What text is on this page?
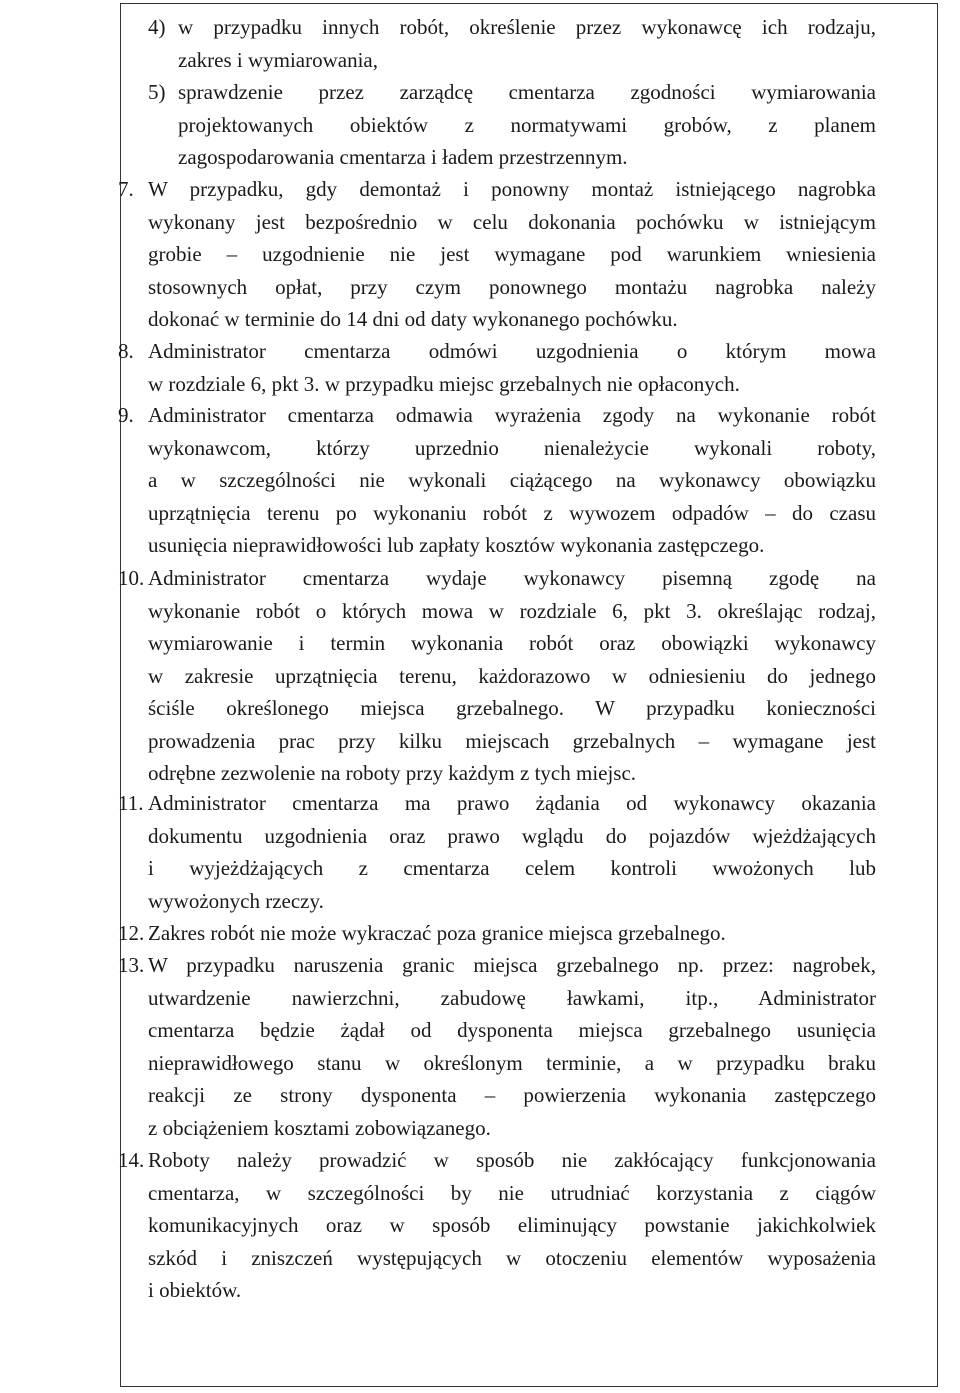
4) w przypadku innych robót, określenie przez wykonawcę ich rodzaju,
zakres i wymiarowania,
5) sprawdzenie przez zarządcę cmentarza zgodności wymiarowania
projektowanych obiektów z normatywami grobów, z planem
zagospodarowania cmentarza i ładem przestrzennym.
7. W przypadku, gdy demontaż i ponowny montaż istniejącego nagrobka
wykonany jest bezpośrednio w celu dokonania pochówku w istniejącym
grobie – uzgodnienie nie jest wymagane pod warunkiem wniesienia
stosownych opłat, przy czym ponownego montażu nagrobka należy
dokonać w terminie do 14 dni od daty wykonanego pochówku.
8. Administrator cmentarza odmówi uzgodnienia o którym mowa
w rozdziale 6, pkt 3. w przypadku miejsc grzebalnych nie opłaconych.
9. Administrator cmentarza odmawia wyrażenia zgody na wykonanie robót
wykonawcom, którzy uprzednio nienależycie wykonali roboty,
a w szczególności nie wykonali ciążącego na wykonawcy obowiązku
uprzątnięcia terenu po wykonaniu robót z wywozem odpadów – do czasu
usunięcia nieprawidłowości lub zapłaty kosztów wykonania zastępczego.
10. Administrator cmentarza wydaje wykonawcy pisemną zgodę na
wykonanie robót o których mowa w rozdziale 6, pkt 3. określając rodzaj,
wymiarowanie i termin wykonania robót oraz obowiązki wykonawcy
w zakresie uprzątnięcia terenu, każdorazowo w odniesieniu do jednego
ściśle określonego miejsca grzebalnego. W przypadku konieczności
prowadzenia prac przy kilku miejscach grzebalnych – wymagane jest
odrębne zezwolenie na roboty przy każdym z tych miejsc.
11. Administrator cmentarza ma prawo żądania od wykonawcy okazania
dokumentu uzgodnienia oraz prawo wglądu do pojazdów wjeżdżających
i wyjeżdżających z cmentarza celem kontroli wwożonych lub
wywożonych rzeczy.
12. Zakres robót nie może wykraczać poza granice miejsca grzebalnego.
13. W przypadku naruszenia granic miejsca grzebalnego np. przez: nagrobek,
utwardzenie nawierzchni, zabudowę ławkami, itp., Administrator
cmentarza będzie żądał od dysponenta miejsca grzebalnego usunięcia
nieprawidłowego stanu w określonym terminie, a w przypadku braku
reakcji ze strony dysponenta – powierzenia wykonania zastępczego
z obciążeniem kosztami zobowiązanego.
14. Roboty należy prowadzić w sposób nie zakłócający funkcjonowania
cmentarza, w szczególności by nie utrudniać korzystania z ciągów
komunikacyjnych oraz w sposób eliminujący powstanie jakichkolwiek
szkód i zniszczeń występujących w otoczeniu elementów wyposażenia
i obiektów.
